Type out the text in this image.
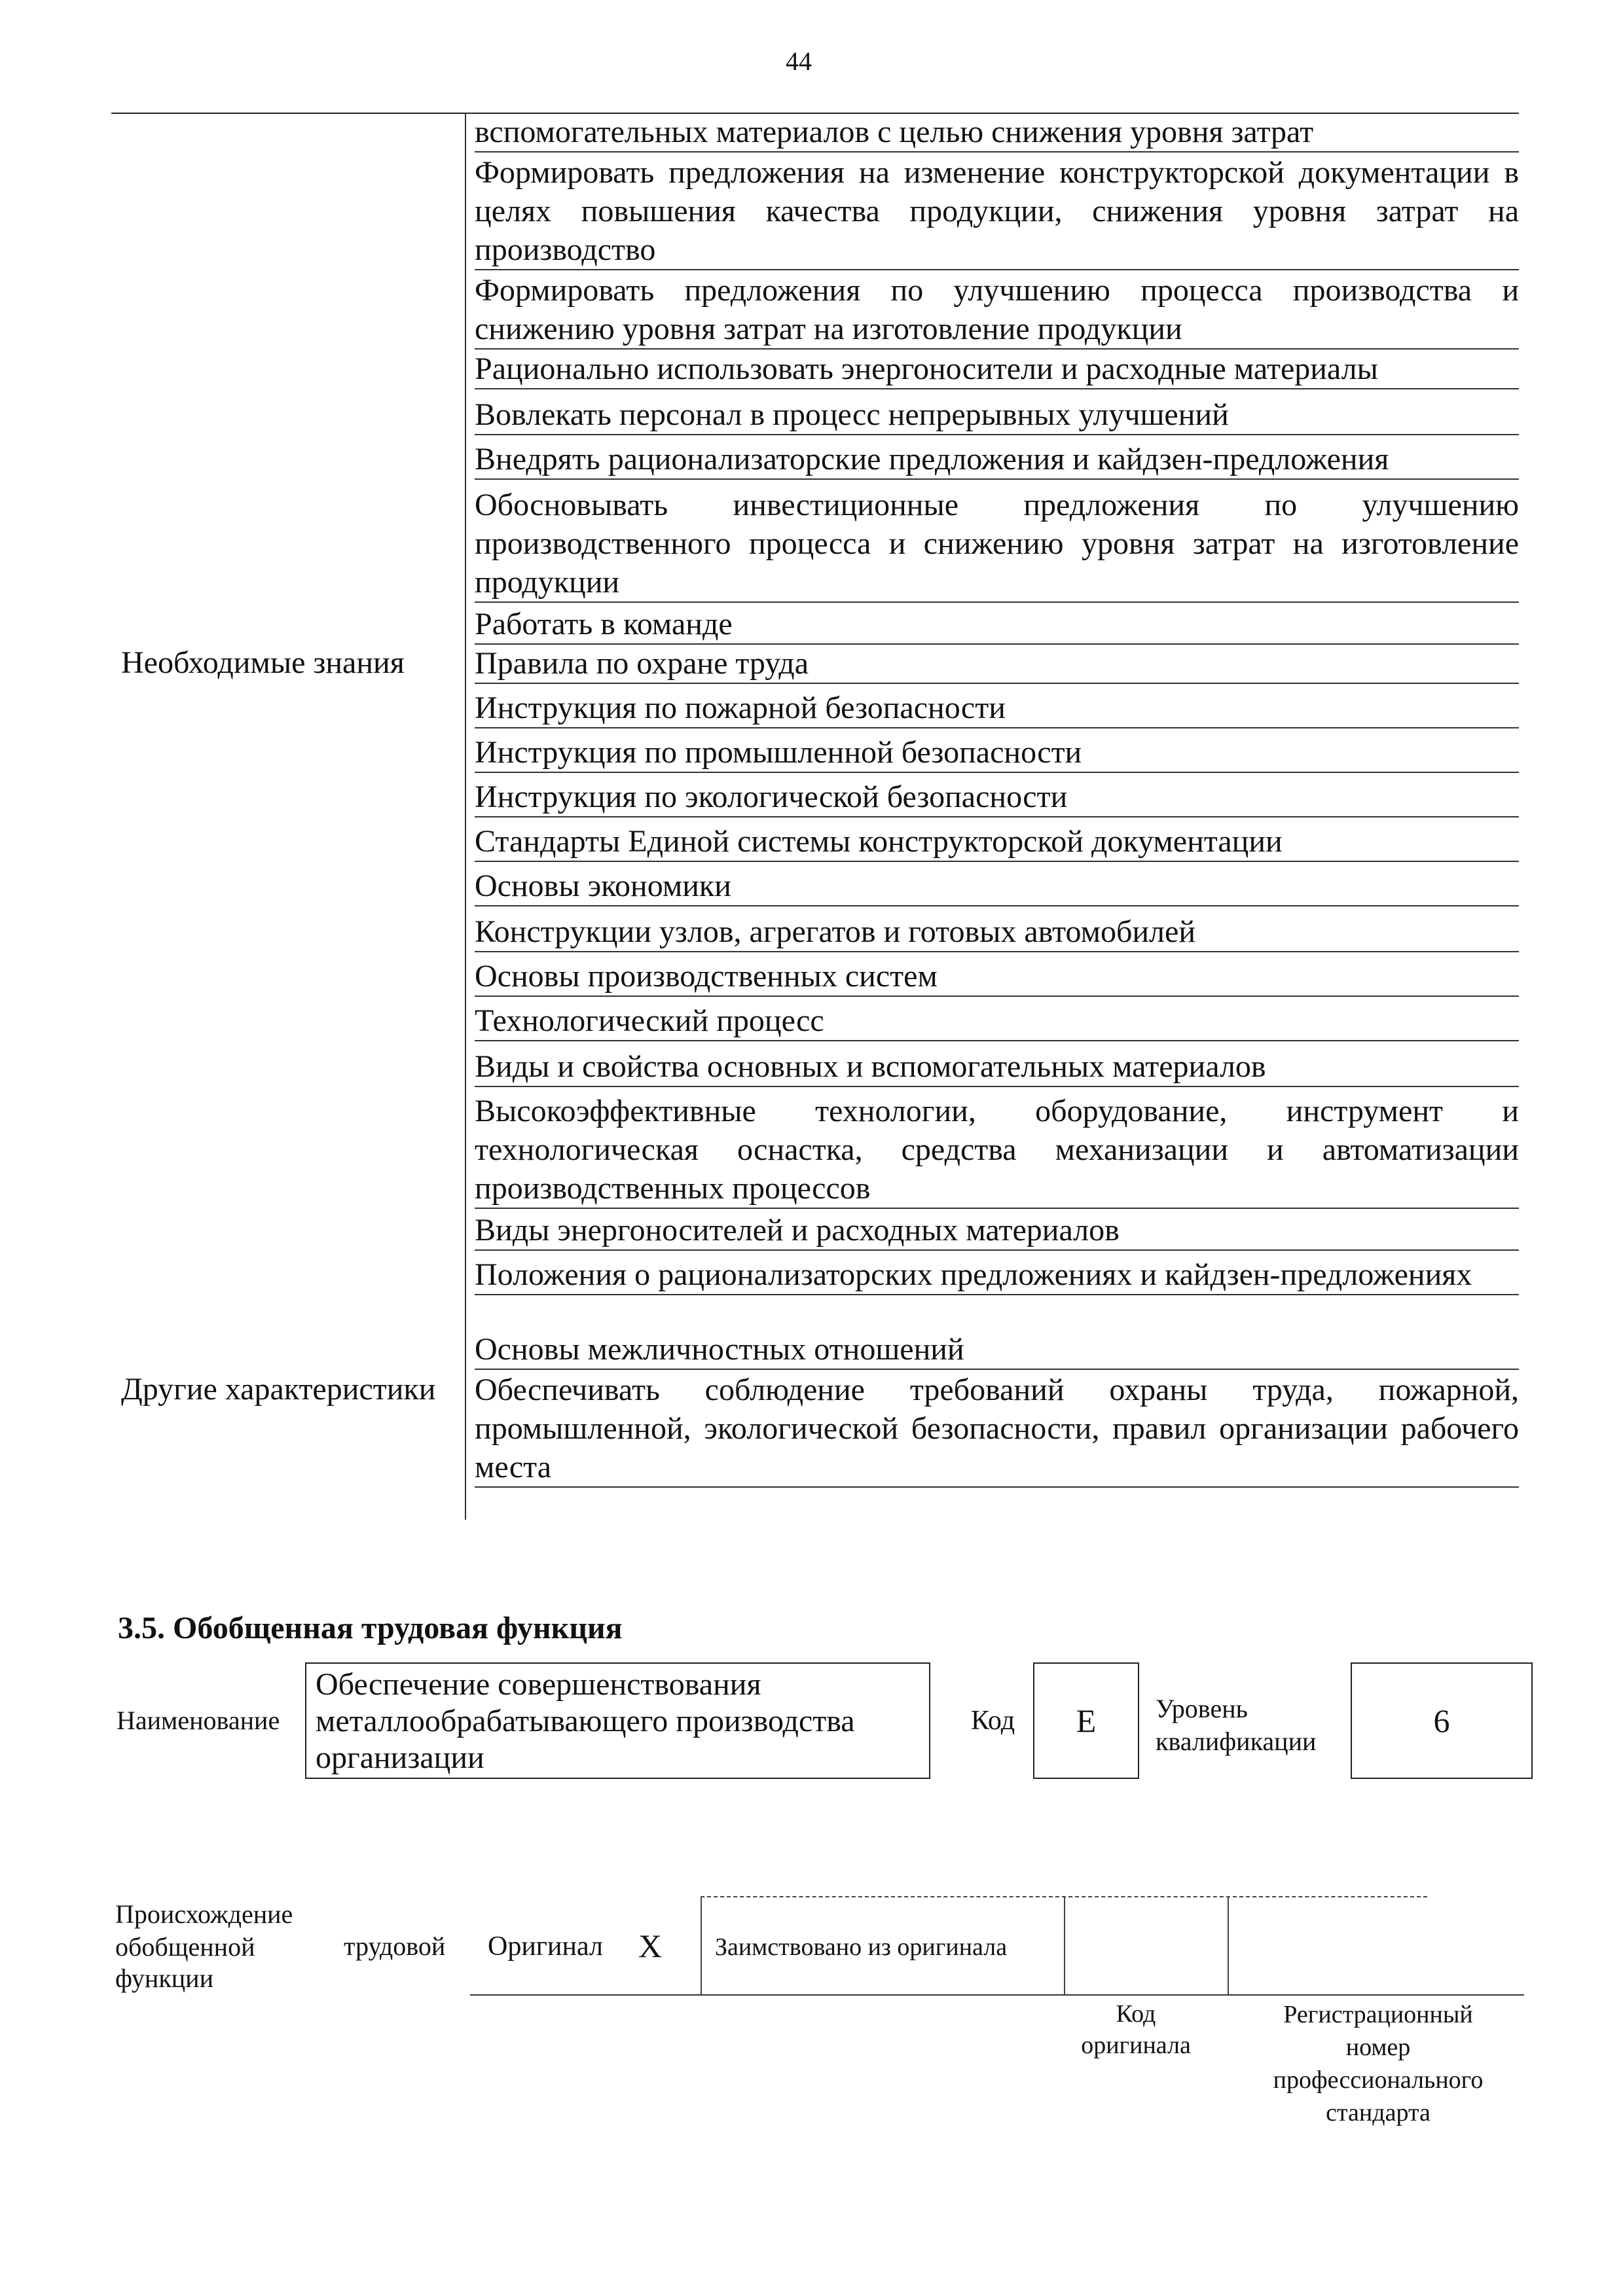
44
вспомогательных материалов с целью снижения уровня затрат
Формировать предложения на изменение конструкторской документации в целях повышения качества продукции, снижения уровня затрат на производство
Формировать предложения по улучшению процесса производства и снижению уровня затрат на изготовление продукции
Рационально использовать энергоносители и расходные материалы
Вовлекать персонал в процесс непрерывных улучшений
Внедрять рационализаторские предложения и кайдзен-предложения
Обосновывать инвестиционные предложения по улучшению производственного процесса и снижению уровня затрат на изготовление продукции
Работать в команде
Необходимые знания	Правила по охране труда
Инструкция по пожарной безопасности
Инструкция по промышленной безопасности
Инструкция по экологической безопасности
Стандарты Единой системы конструкторской документации
Основы экономики
Конструкции узлов, агрегатов и готовых автомобилей
Основы производственных систем
Технологический процесс
Виды и свойства основных и вспомогательных материалов
Высокоэффективные технологии, оборудование, инструмент и технологическая оснастка, средства механизации и автоматизации производственных процессов
Виды энергоносителей и расходных материалов
Положения о рационализаторских предложениях и кайдзен-предложениях
Основы межличностных отношений
Другие характеристики	Обеспечивать соблюдение требований охраны труда, пожарной, промышленной, экологической безопасности, правил организации рабочего места
3.5. Обобщенная трудовая функция
Наименование
Обеспечение совершенствования металлообрабатывающего производства организации
Код	E	Уровень квалификации
6
Происхождение обобщенной	трудовой
функции
Оригинал X Заимствовано из оригинала
Код оригинала
Регистрационный номер профессионального стандарта
